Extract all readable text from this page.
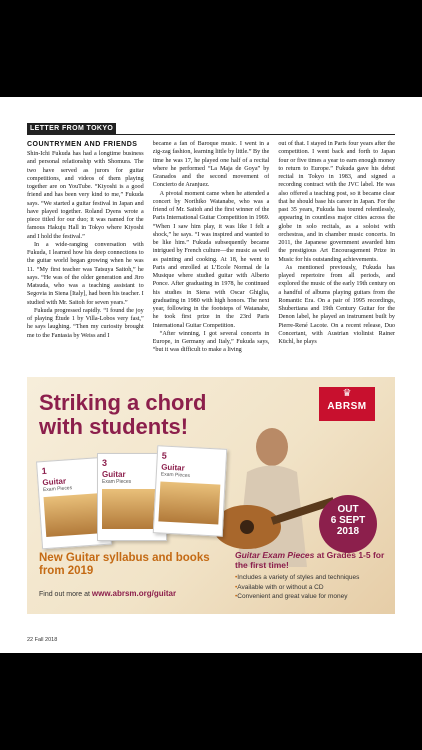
LETTER FROM TOKYO
COUNTRYMEN AND FRIENDS

Shin-Ichi Fukuda has had a longtime business and personal relationship with Shomura. The two have served as jurors for guitar competitions, and videos of them playing together are on YouTube. “Kiyoshi is a good friend and has been very kind to me,” Fukuda says. “We started a guitar festival in Japan and have played together. Roland Dyens wrote a piece titled for our duo; it was named for the famous Hakuju Hall in Tokyo where Kiyoshi and I hold the festival.”

In a wide-ranging conversation with Fukuda, I learned how his deep connections to the guitar world began growing when he was 11. “My first teacher was Tatsuya Saitoh,” he says. “He was of the older generation and Jiro Matsuda, who was a teaching assistant to Segovia in Siena [Italy], had been his teacher. I studied with Mr. Saitoh for seven years.”

Fukuda progressed rapidly. “I found the joy of playing Étude 1 by Villa-Lobos very fast,” he says laughing. “Then my curiosity brought me to the Fantasia by Weiss and I

became a fan of Baroque music. I went in a zig-zag fashion, learning little by little.” By the time he was 17, he played one half of a recital where he performed “La Maja de Goya” by Granados and the second movement of Concierto de Aranjuez.

A pivotal moment came when he attended a concert by Norihiko Watanabe, who was a friend of Mr. Saitoh and the first winner of the Paris International Guitar Competition in 1969. “When I saw him play, it was like I felt a shock,” he says. “I was inspired and wanted to be like him.” Fukuda subsequently became intrigued by French culture—the music as well as painting and cooking. At 18, he went to Paris and enrolled at L’Ecole Normal de la Musique where studied guitar with Alberto Ponce. After graduating in 1978, he continued his studies in Siena with Oscar Ghiglia, graduating in 1980 with high honors. The next year, following in the footsteps of Watanabe, he took first prize in the 23rd Paris International Guitar Competition.

“After winning, I got several concerts in Europe, in Germany and Italy,” Fukuda says, “but it was difficult to make a living

out of that. I stayed in Paris four years after the competition. I went back and forth to Japan four or five times a year to earn enough money to return to Europe.” Fukuda gave his debut recital in Tokyo in 1983, and signed a recording contract with the JVC label. He was also offered a teaching post, so it became clear that he should base his career in Japan. For the past 35 years, Fukuda has toured relentlessly, appearing in countless major cities across the globe in solo recitals, as a soloist with orchestras, and in chamber music concerts. In 2011, the Japanese government awarded him the prestigious Art Encouragement Prize in Music for his outstanding achievements.

As mentioned previously, Fukuda has played repertoire from all periods, and explored the music of the early 19th century on a handful of albums playing guitars from the Romantic Era. On a pair of 1995 recordings, Shubertiana and 19th Century Guitar for the Denon label, he played an instrument built by Pierre-René Lacote. On a recent release, Duo Concertant, with Austrian violinist Rainer Küchl, he plays

Striking a chord with students!
♛
ABRSM
1
Guitar
Exam Pieces
3
Guitar
Exam Pieces
5
Guitar
Exam Pieces
OUT
6 SEPT
2018
New Guitar syllabus and books from 2019
Find out more at www.abrsm.org/guitar
Guitar Exam Pieces at Grades 1-5 for the first time!
• Includes a variety of styles and techniques
• Available with or without a CD
• Convenient and great value for money
22 Fall 2018
